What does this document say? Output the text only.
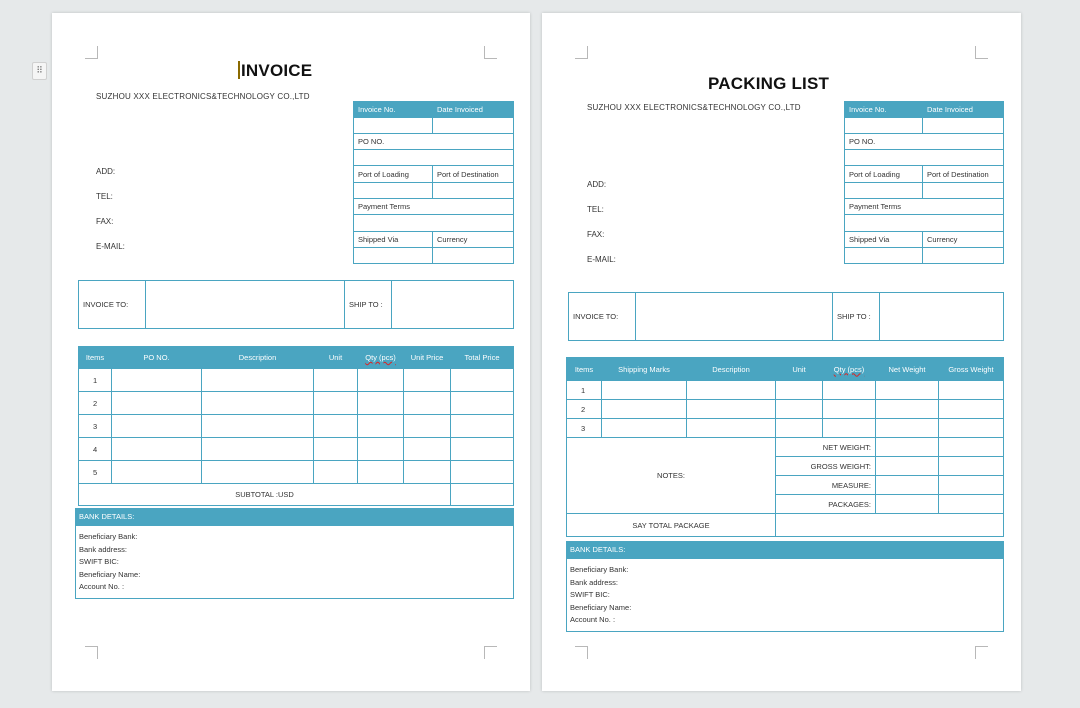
⠿	INVOICE
SUZHOU XXX ELECTRONICS&TECHNOLOGY CO.,LTD
ADD:
TEL:
FAX:
E-MAIL:
Invoice No.	Date Invoiced

PO NO.	

Port of Loading	Port of Destination

Payment Terms	

Shipped Via	Currency

INVOICE TO:		SHIP TO :	
Items	PO NO.	Description	Unit	Qty (pcs)	Unit Price	Total Price
1						
2						
3						
4						
5						
SUBTOTAL :USD						
BANK DETAILS:
Beneficiary Bank:
Bank address:
SWIFT BIC:
Beneficiary Name:
Account No. :
PACKING LIST
SUZHOU XXX ELECTRONICS&TECHNOLOGY CO.,LTD
ADD:
TEL:
FAX:
E-MAIL:
Invoice No.	Date Invoiced

PO NO.	

Port of Loading	Port of Destination

Payment Terms	

Shipped Via	Currency

INVOICE TO:		SHIP TO :	
Items	Shipping Marks	Description	Unit	Qty (pcs)	Net Weight	Gross Weight
1						
2						
3						
NOTES:			NET WEIGHT:			
			GROSS WEIGHT:			
			MEASURE:			
			PACKAGES:			
SAY TOTAL PACKAGE						
BANK DETAILS:
Beneficiary Bank:
Bank address:
SWIFT BIC:
Beneficiary Name:
Account No. :
